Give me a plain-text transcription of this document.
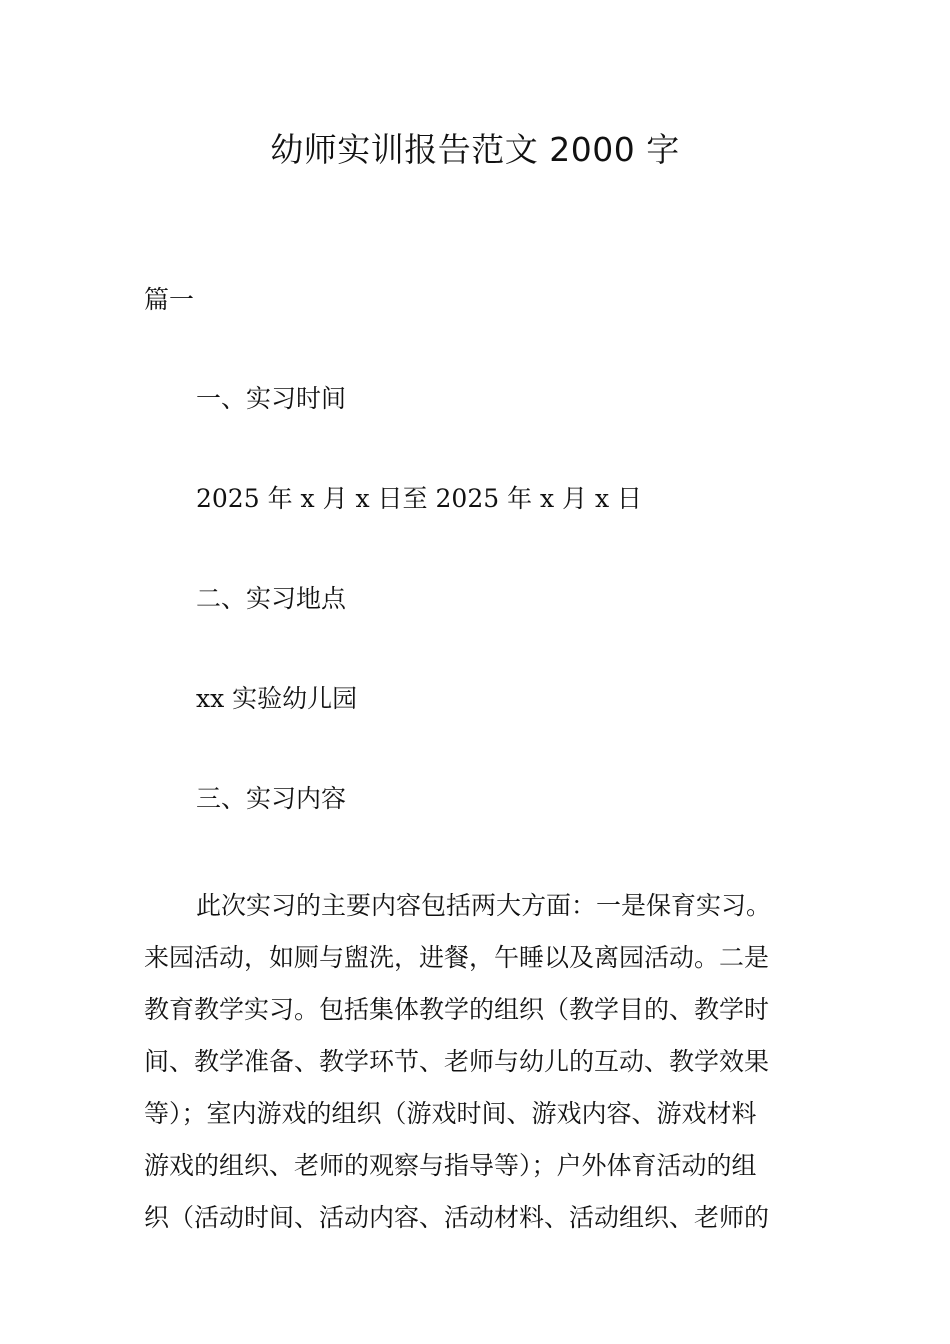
幼师实训报告范文 2000 字
篇一
一、实习时间
2025 年 x 月 x 日至 2025 年 x 月 x 日
二、实习地点
xx 实验幼儿园
三、实习内容
此次实习的主要内容包括两大方面：一是保育实习。
来园活动，如厕与盥洗，进餐，午睡以及离园活动。二是
教育教学实习。包括集体教学的组织（教学目的、教学时
间、教学准备、教学环节、老师与幼儿的互动、教学效果
等）；室内游戏的组织（游戏时间、游戏内容、游戏材料
游戏的组织、老师的观察与指导等）；户外体育活动的组
织（活动时间、活动内容、活动材料、活动组织、老师的
